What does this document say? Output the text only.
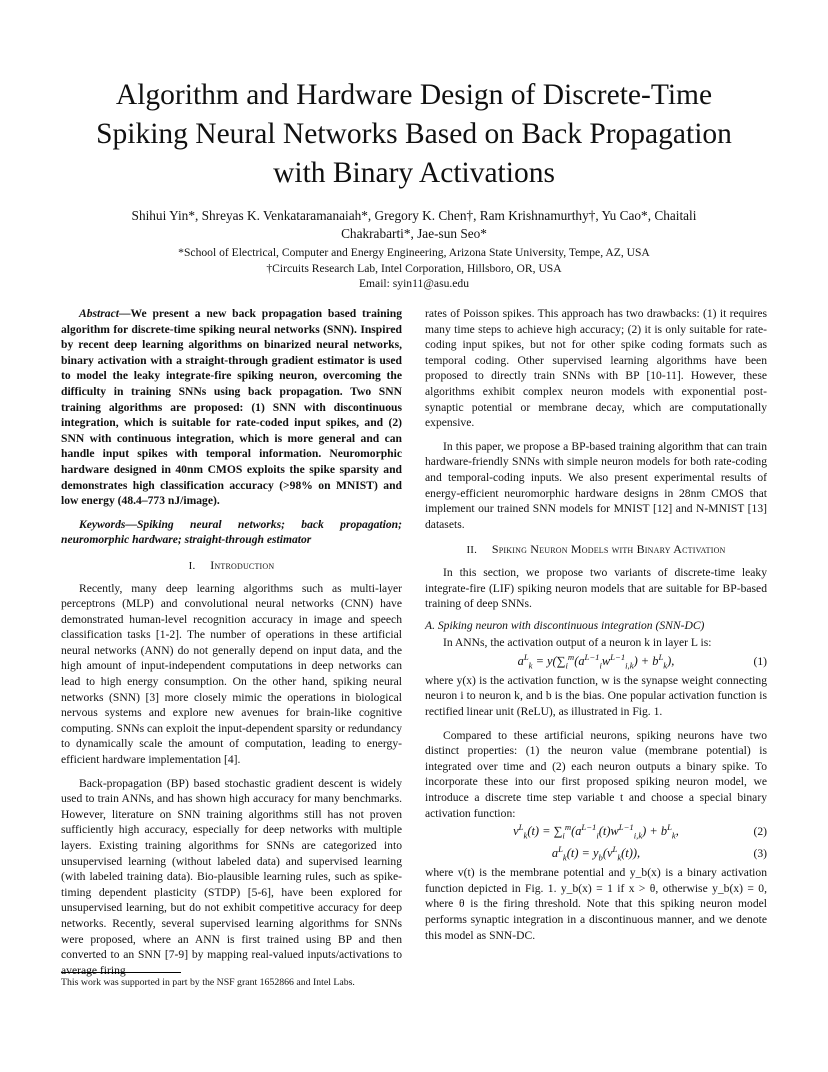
Algorithm and Hardware Design of Discrete-Time
Spiking Neural Networks Based on Back Propagation
with Binary Activations
Shihui Yin*, Shreyas K. Venkataramanaiah*, Gregory K. Chen†, Ram Krishnamurthy†, Yu Cao*, Chaitali
Chakrabarti*, Jae-sun Seo*
*School of Electrical, Computer and Energy Engineering, Arizona State University, Tempe, AZ, USA
†Circuits Research Lab, Intel Corporation, Hillsboro, OR, USA
Email: syin11@asu.edu

Abstract—We present a new back propagation based training algorithm for discrete-time spiking neural networks (SNN). Inspired by recent deep learning algorithms on binarized neural networks, binary activation with a straight-through gradient estimator is used to model the leaky integrate-fire spiking neuron, overcoming the difficulty in training SNNs using back propagation. Two SNN training algorithms are proposed: (1) SNN with discontinuous integration, which is suitable for rate-coded input spikes, and (2) SNN with continuous integration, which is more general and can handle input spikes with temporal information. Neuromorphic hardware designed in 40nm CMOS exploits the spike sparsity and demonstrates high classification accuracy (>98% on MNIST) and low energy (48.4–773 nJ/image).

Keywords—Spiking neural networks; back propagation; neuromorphic hardware; straight-through estimator

I. Introduction

Recently, many deep learning algorithms such as multi-layer perceptrons (MLP) and convolutional neural networks (CNN) have demonstrated human-level recognition accuracy in image and speech classification tasks [1-2]. The number of operations in these artificial neural networks (ANN) do not generally depend on input data, and the high amount of input-independent computations in deep networks can lead to high energy consumption. On the other hand, spiking neural networks (SNN) [3] more closely mimic the operations in biological nervous systems and explore new avenues for brain-like cognitive computing. SNNs can exploit the input-dependent sparsity or redundancy to dynamically scale the amount of computation, leading to energy-efficient hardware implementation [4].

Back-propagation (BP) based stochastic gradient descent is widely used to train ANNs, and has shown high accuracy for many benchmarks. However, literature on SNN training algorithms still has not proven sufficiently high accuracy, especially for deep networks with multiple layers. Existing training algorithms for SNNs are categorized into unsupervised learning (without labeled data) and supervised learning (with labeled training data). Bio-plausible learning rules, such as spike-timing dependent plasticity (STDP) [5-6], have been explored for unsupervised learning, but do not exhibit competitive accuracy for deep networks. Recently, several supervised learning algorithms for SNNs were proposed, where an ANN is first trained using BP and then converted to an SNN [7-9] by mapping real-valued inputs/activations to average firing

rates of Poisson spikes. This approach has two drawbacks: (1) it requires many time steps to achieve high accuracy; (2) it is only suitable for rate-coding input spikes, but not for other spike coding formats such as temporal coding. Other supervised learning algorithms have been proposed to directly train SNNs with BP [10-11]. However, these algorithms exhibit complex neuron models with exponential post-synaptic potential or membrane decay, which are computationally expensive.

In this paper, we propose a BP-based training algorithm that can train hardware-friendly SNNs with simple neuron models for both rate-coding and temporal-coding inputs. We also present experimental results of energy-efficient neuromorphic hardware designs in 28nm CMOS that implement our trained SNN models for MNIST [12] and N-MNIST [13] datasets.

II. Spiking Neuron Models with Binary Activation

In this section, we propose two variants of discrete-time leaky integrate-fire (LIF) spiking neuron models that are suitable for BP-based training of deep SNNs.

A. Spiking neuron with discontinuous integration (SNN-DC)

In ANNs, the activation output of a neuron k in layer L is:

$a^L_k = y(\sum_i^m(a^{L-1}_iw^{L-1}_{i,k}) + b^L_k)$,	(1)

where y(x) is the activation function, w is the synapse weight connecting neuron i to neuron k, and b is the bias. One popular activation function is rectified linear unit (ReLU), as illustrated in Fig. 1.

Compared to these artificial neurons, spiking neurons have two distinct properties: (1) the neuron value (membrane potential) is integrated over time and (2) each neuron outputs a binary spike. To incorporate these into our first proposed spiking neuron model, we introduce a discrete time step variable t and choose a special binary activation function:

$v^L_k(t) = \sum_i^m(a^{L-1}_i(t)w^{L-1}_{i,k}) + b^L_k$,	(2)
$a^L_k(t) = y_b(v^L_k(t))$,	(3)

where v(t) is the membrane potential and y_b(x) is a binary activation function depicted in Fig. 1. y_b(x) = 1 if x > θ, otherwise y_b(x) = 0, where θ is the firing threshold. Note that this spiking neuron model performs synaptic integration in a discontinuous manner, and we denote this model as SNN-DC.

This work was supported in part by the NSF grant 1652866 and Intel Labs.
